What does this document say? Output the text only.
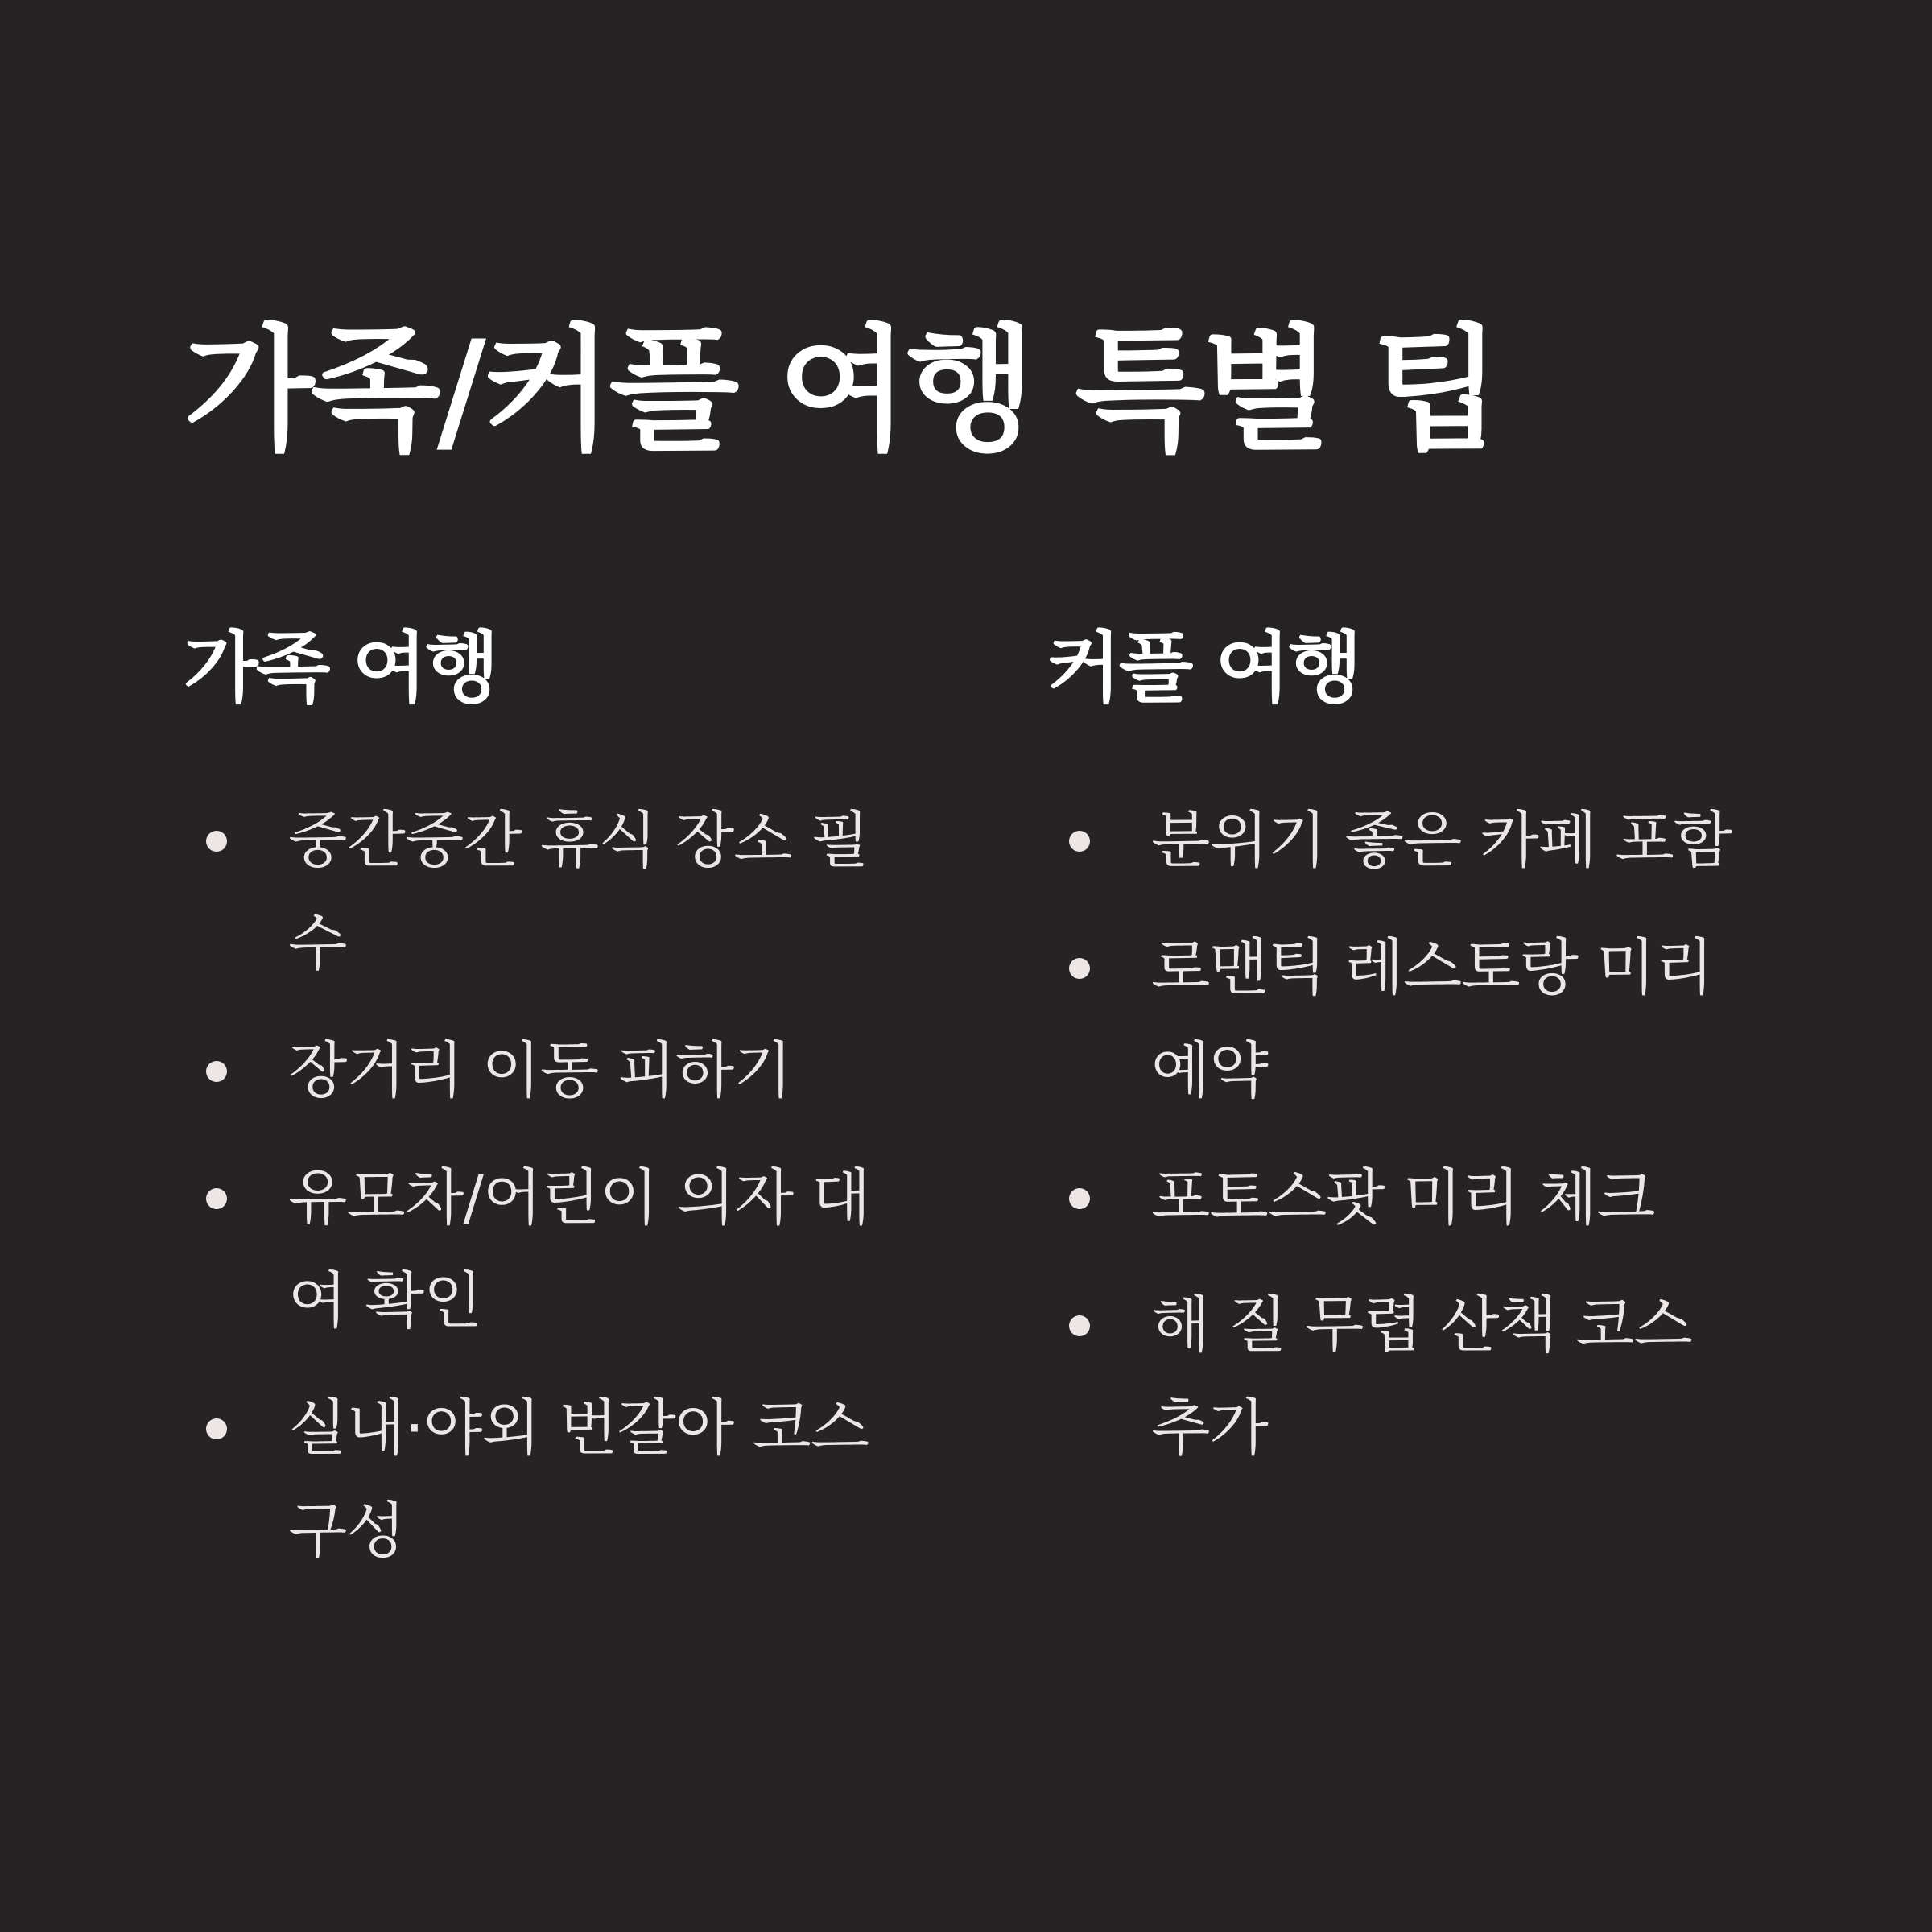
가족/커플 여행 특별 팁
가족 여행
중간중간 휴식 장소 필수
장거리 이동 피하기
유모차/어린이 의자 대여 확인
실내·야외 번갈아 코스 구성
커플 여행
분위기 좋은 카페 포함
로맨틱 레스토랑 미리 예약
포토스팟 미리 체크
해 질 무렵 산책 코스 추가
